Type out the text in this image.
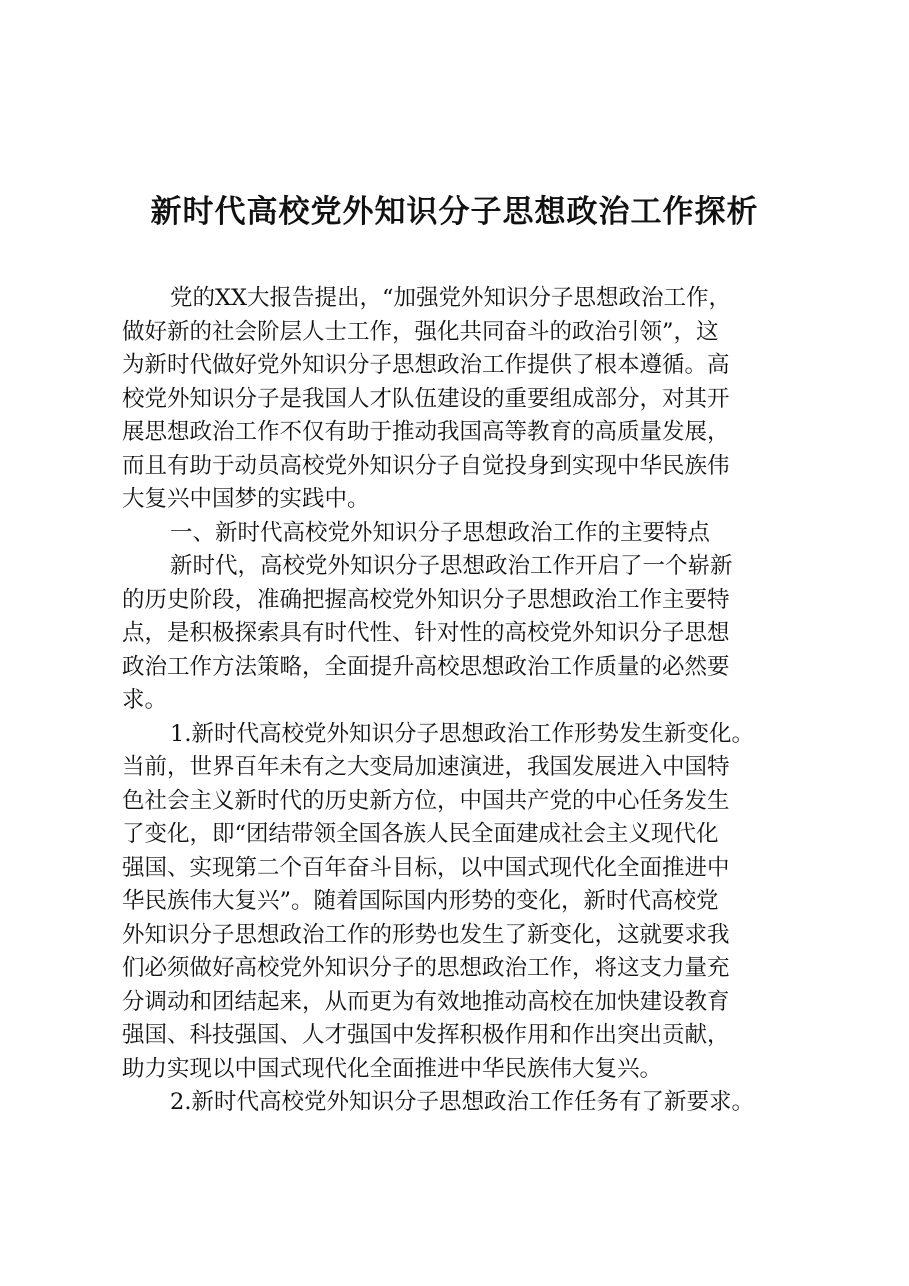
新时代高校党外知识分子思想政治工作探析
党的XX大报告提出，“加强党外知识分子思想政治工作，
做好新的社会阶层人士工作，强化共同奋斗的政治引领”，这
为新时代做好党外知识分子思想政治工作提供了根本遵循。高
校党外知识分子是我国人才队伍建设的重要组成部分，对其开
展思想政治工作不仅有助于推动我国高等教育的高质量发展，
而且有助于动员高校党外知识分子自觉投身到实现中华民族伟
大复兴中国梦的实践中。
一、新时代高校党外知识分子思想政治工作的主要特点
新时代，高校党外知识分子思想政治工作开启了一个崭新
的历史阶段，准确把握高校党外知识分子思想政治工作主要特
点，是积极探索具有时代性、针对性的高校党外知识分子思想
政治工作方法策略，全面提升高校思想政治工作质量的必然要
求。
1.新时代高校党外知识分子思想政治工作形势发生新变化。
当前，世界百年未有之大变局加速演进，我国发展进入中国特
色社会主义新时代的历史新方位，中国共产党的中心任务发生
了变化，即“团结带领全国各族人民全面建成社会主义现代化
强国、实现第二个百年奋斗目标，以中国式现代化全面推进中
华民族伟大复兴”。随着国际国内形势的变化，新时代高校党
外知识分子思想政治工作的形势也发生了新变化，这就要求我
们必须做好高校党外知识分子的思想政治工作，将这支力量充
分调动和团结起来，从而更为有效地推动高校在加快建设教育
强国、科技强国、人才强国中发挥积极作用和作出突出贡献，
助力实现以中国式现代化全面推进中华民族伟大复兴。
2.新时代高校党外知识分子思想政治工作任务有了新要求。
